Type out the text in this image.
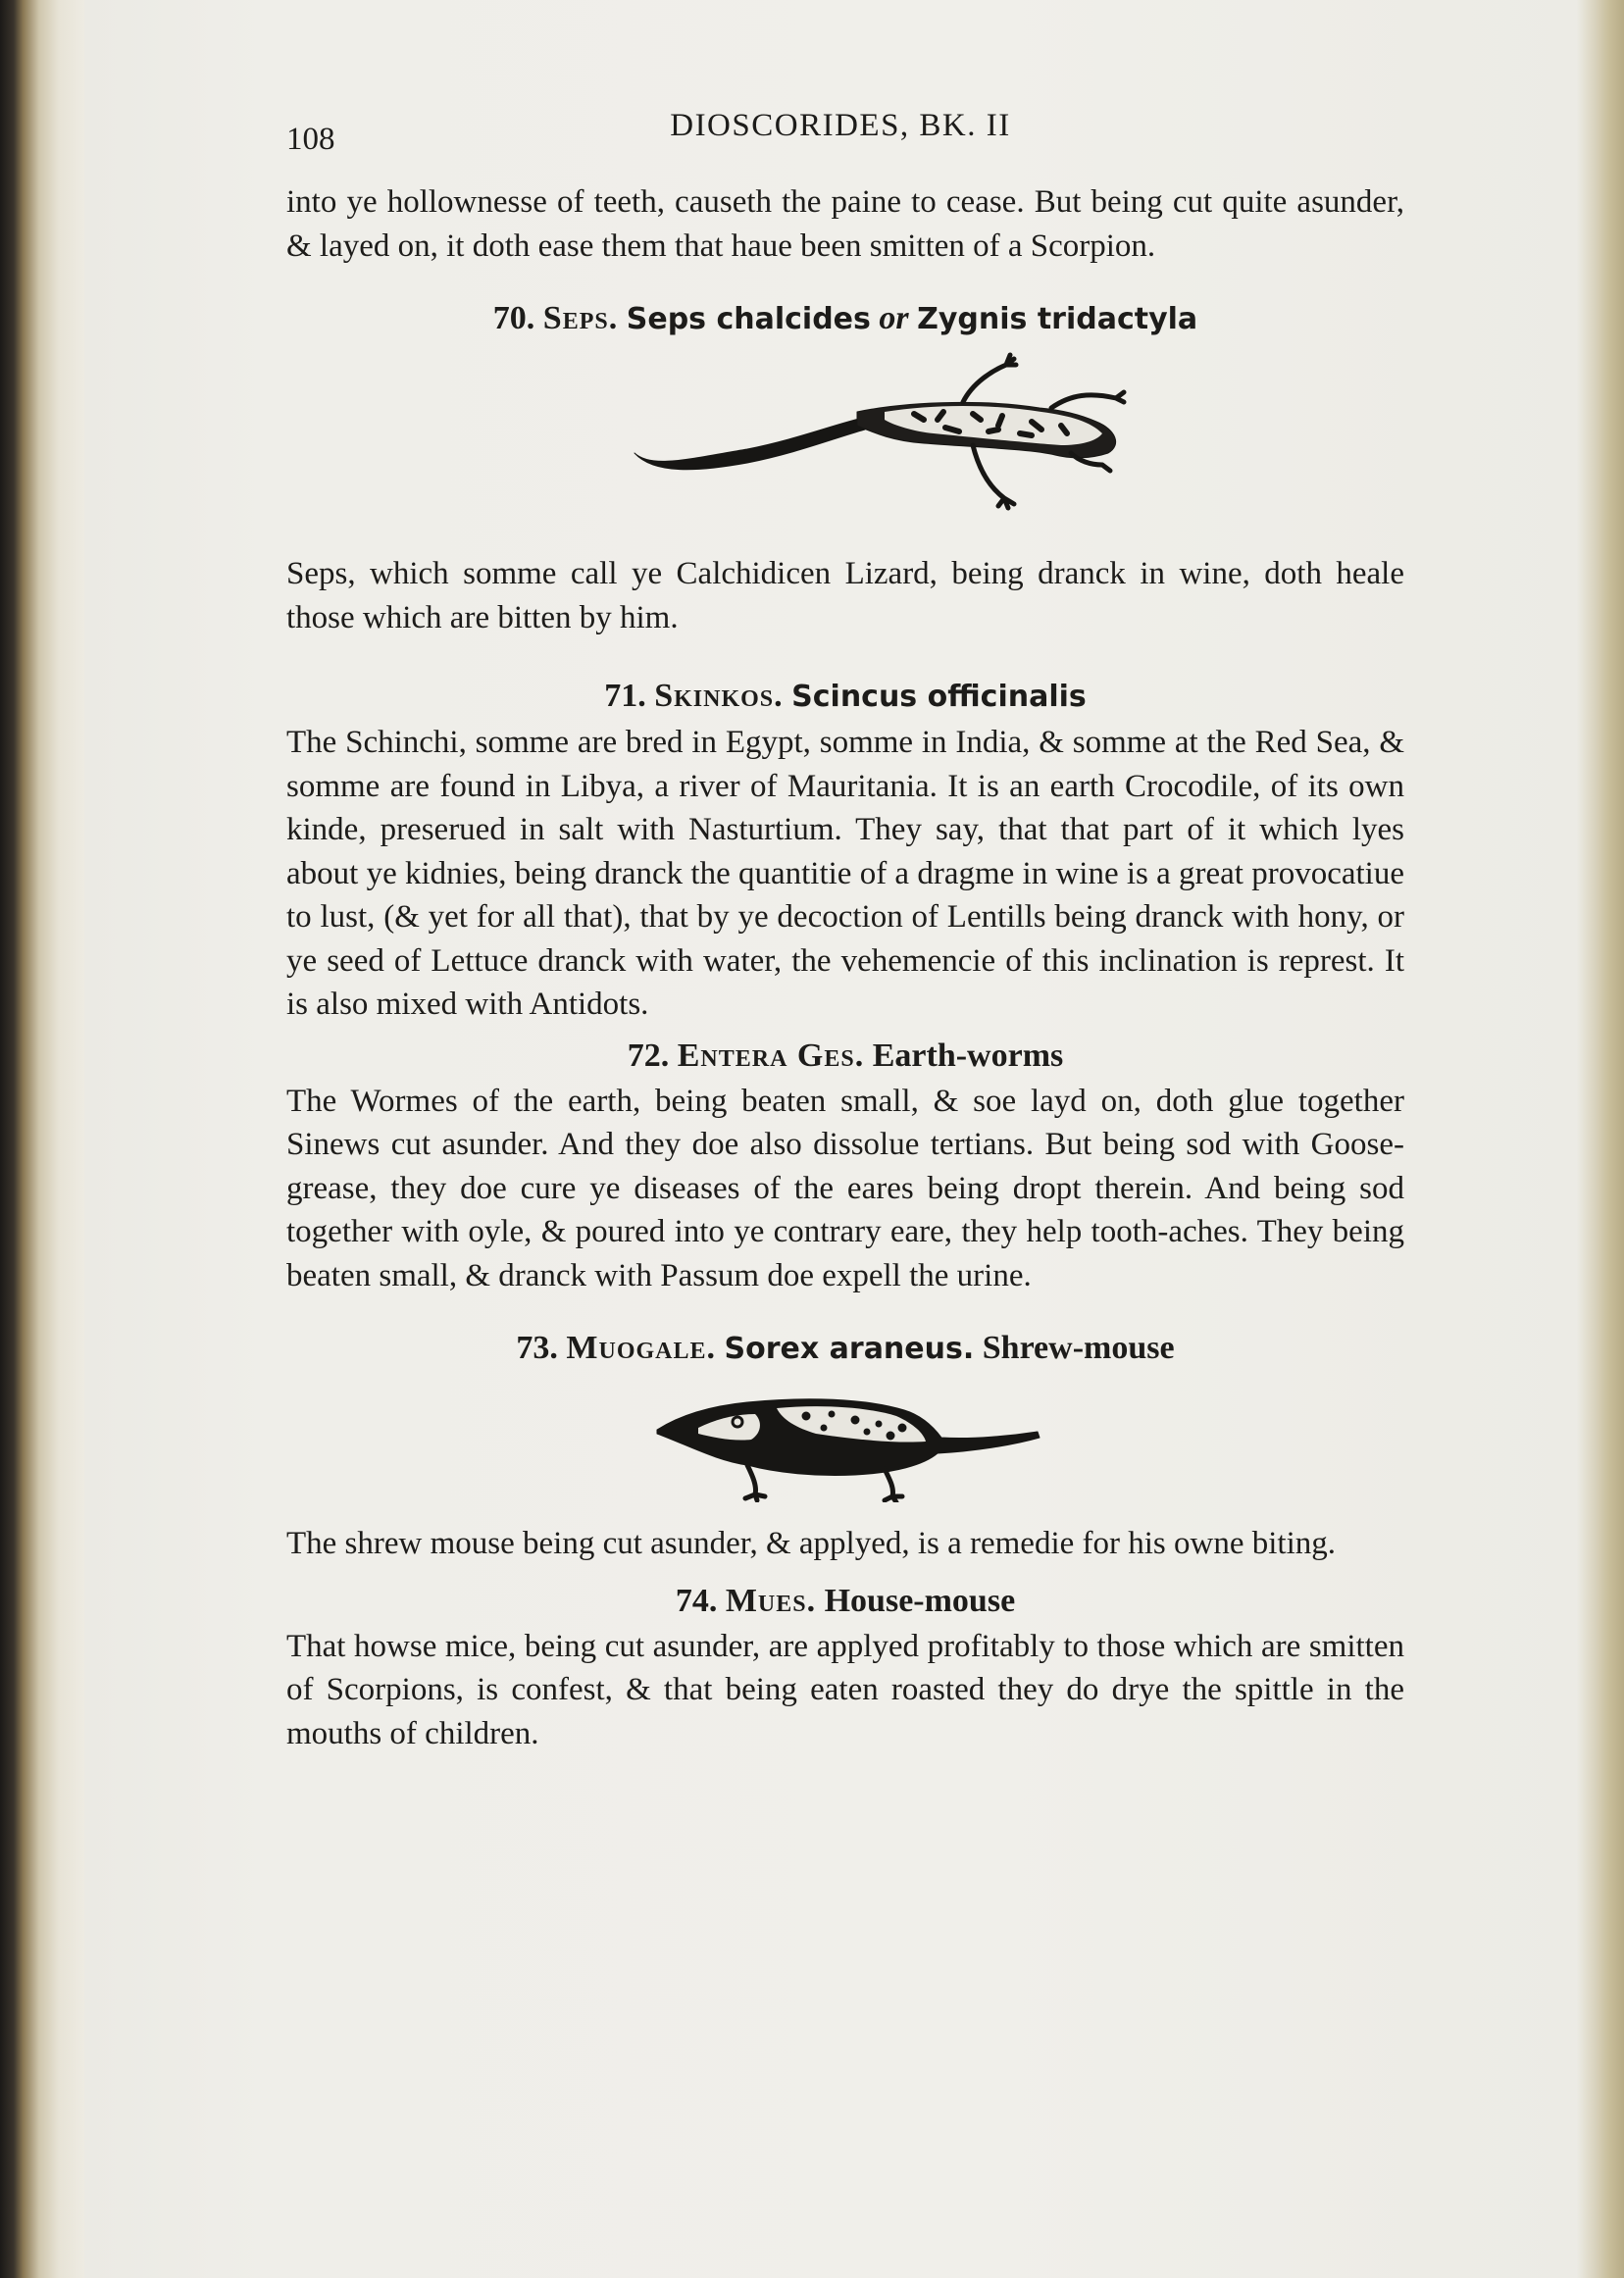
108	DIOSCORIDES, BK. II

into ye hollownesse of teeth, causeth the paine to cease. But being cut quite asunder, & layed on, it doth ease them that haue been smitten of a Scorpion.

70. Seps. Seps chalcides or Zygnis tridactyla

Seps, which somme call ye Calchidicen Lizard, being dranck in wine, doth heale those which are bitten by him.

71. Skinkos. Scincus officinalis

The Schinchi, somme are bred in Egypt, somme in India, & somme at the Red Sea, & somme are found in Libya, a river of Mauritania. It is an earth Crocodile, of its own kinde, preserued in salt with Nasturtium. They say, that that part of it which lyes about ye kidnies, being dranck the quantitie of a dragme in wine is a great provocatiue to lust, (& yet for all that), that by ye decoction of Lentills being dranck with hony, or ye seed of Lettuce dranck with water, the vehemencie of this inclination is represt. It is also mixed with Antidots.

72. Entera Ges. Earth-worms

The Wormes of the earth, being beaten small, & soe layd on, doth glue together Sinews cut asunder. And they doe also dissolue tertians. But being sod with Goose-grease, they doe cure ye diseases of the eares being dropt therein. And being sod together with oyle, & poured into ye contrary eare, they help tooth-aches. They being beaten small, & dranck with Passum doe expell the urine.

73. Muogale. Sorex araneus. Shrew-mouse

The shrew mouse being cut asunder, & applyed, is a remedie for his owne biting.

74. Mues. House-mouse

That howse mice, being cut asunder, are applyed profitably to those which are smitten of Scorpions, is confest, & that being eaten roasted they do drye the spittle in the mouths of children.
